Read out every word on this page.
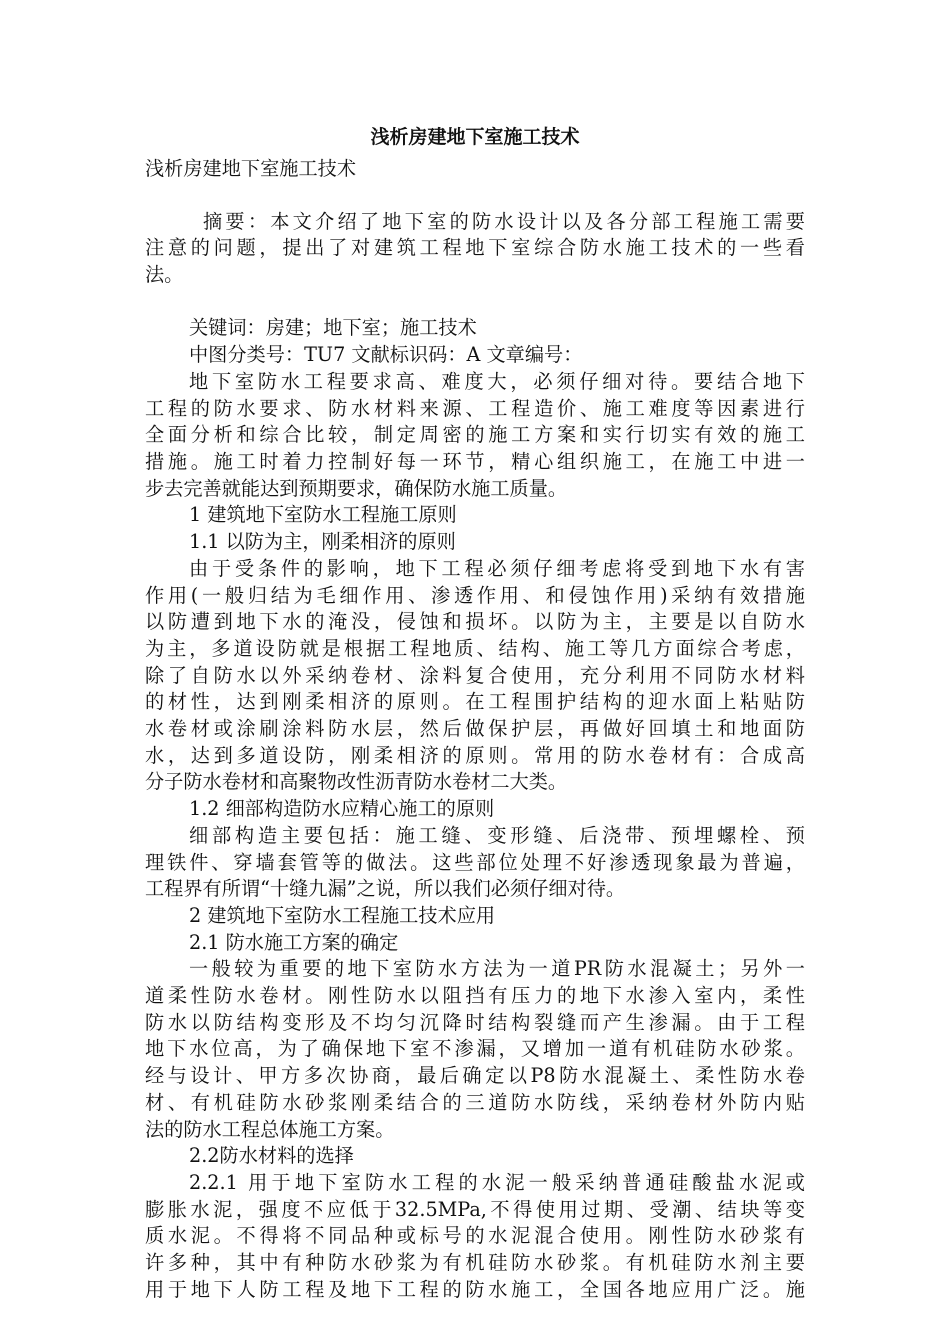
浅析房建地下室施工技术

浅析房建地下室施工技术

摘要：本文介绍了地下室的防水设计以及各分部工程施工需要

注意的问题，提出了对建筑工程地下室综合防水施工技术的一些看

法。

关键词：房建；地下室；施工技术

中图分类号：TU7 文献标识码：A 文章编号：

地下室防水工程要求高、难度大，必须仔细对待。要结合地下

工程的防水要求、防水材料来源、工程造价、施工难度等因素进行

全面分析和综合比较，制定周密的施工方案和实行切实有效的施工

措施。施工时着力控制好每一环节，精心组织施工，在施工中进一

步去完善就能达到预期要求，确保防水施工质量。

1 建筑地下室防水工程施工原则

1.1 以防为主，刚柔相济的原则

由于受条件的影响，地下工程必须仔细考虑将受到地下水有害

作用(一般归结为毛细作用、渗透作用、和侵蚀作用)采纳有效措施

以防遭到地下水的淹没，侵蚀和损坏。以防为主，主要是以自防水

为主，多道设防就是根据工程地质、结构、施工等几方面综合考虑，

除了自防水以外采纳卷材、涂料复合使用，充分利用不同防水材料

的材性，达到刚柔相济的原则。在工程围护结构的迎水面上粘贴防

水卷材或涂刷涂料防水层，然后做保护层，再做好回填土和地面防

水，达到多道设防，刚柔相济的原则。常用的防水卷材有：合成高

分子防水卷材和高聚物改性沥青防水卷材二大类。

1.2 细部构造防水应精心施工的原则

细部构造主要包括：施工缝、变形缝、后浇带、预埋螺栓、预

理铁件、穿墙套管等的做法。这些部位处理不好渗透现象最为普遍，

工程界有所谓“十缝九漏”之说，所以我们必须仔细对待。

2 建筑地下室防水工程施工技术应用

2.1 防水施工方案的确定

一般较为重要的地下室防水方法为一道PR防水混凝土；另外一

道柔性防水卷材。刚性防水以阻挡有压力的地下水渗入室内，柔性

防水以防结构变形及不均匀沉降时结构裂缝而产生渗漏。由于工程

地下水位高，为了确保地下室不渗漏，又增加一道有机硅防水砂浆。

经与设计、甲方多次协商，最后确定以P8防水混凝土、柔性防水卷

材、有机硅防水砂浆刚柔结合的三道防水防线，采纳卷材外防内贴

法的防水工程总体施工方案。

2.2防水材料的选择

2.2.1 用于地下室防水工程的水泥一般采纳普通硅酸盐水泥或

膨胀水泥，强度不应低于32.5MPa,不得使用过期、受潮、结块等变

质水泥。不得将不同品种或标号的水泥混合使用。刚性防水砂浆有

许多种，其中有种防水砂浆为有机硅防水砂浆。有机硅防水剂主要

用于地下人防工程及地下工程的防水施工，全国各地应用广泛。施
